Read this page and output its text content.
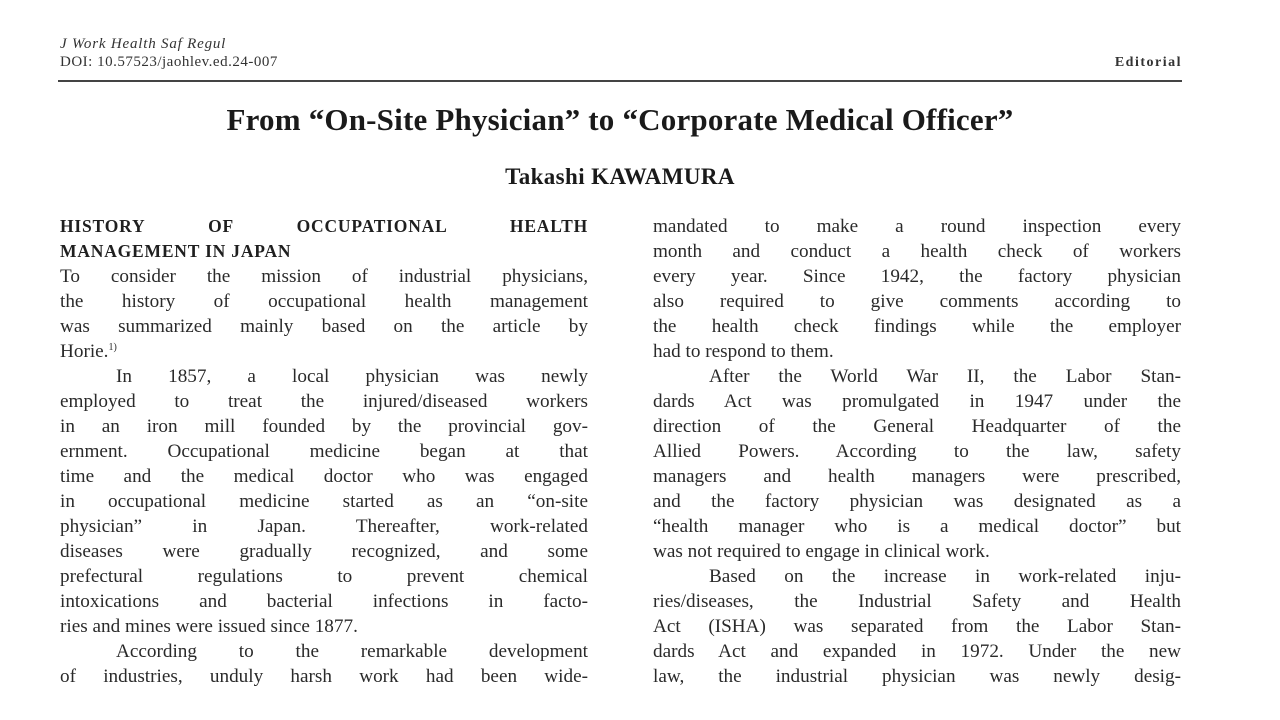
J Work Health Saf Regul
DOI: 10.57523/jaohlev.ed.24-007	Editorial
From “On-Site Physician” to “Corporate Medical Officer”
Takashi KAWAMURA
HISTORY OF OCCUPATIONAL HEALTH
MANAGEMENT IN JAPAN
To consider the mission of industrial physicians,
the history of occupational health management
was summarized mainly based on the article by
Horie.$^{1)}$
In 1857, a local physician was newly
employed to treat the injured/diseased workers
in an iron mill founded by the provincial gov-
ernment. Occupational medicine began at that
time and the medical doctor who was engaged
in occupational medicine started as an “on-site
physician” in Japan. Thereafter, work-related
diseases were gradually recognized, and some
prefectural regulations to prevent chemical
intoxications and bacterial infections in facto-
ries and mines were issued since 1877.
According to the remarkable development
of industries, unduly harsh work had been wide-
mandated to make a round inspection every
month and conduct a health check of workers
every year. Since 1942, the factory physician
also required to give comments according to
the health check findings while the employer
had to respond to them.
After the World War II, the Labor Stan-
dards Act was promulgated in 1947 under the
direction of the General Headquarter of the
Allied Powers. According to the law, safety
managers and health managers were prescribed,
and the factory physician was designated as a
“health manager who is a medical doctor” but
was not required to engage in clinical work.
Based on the increase in work-related inju-
ries/diseases, the Industrial Safety and Health
Act (ISHA) was separated from the Labor Stan-
dards Act and expanded in 1972. Under the new
law, the industrial physician was newly desig-
